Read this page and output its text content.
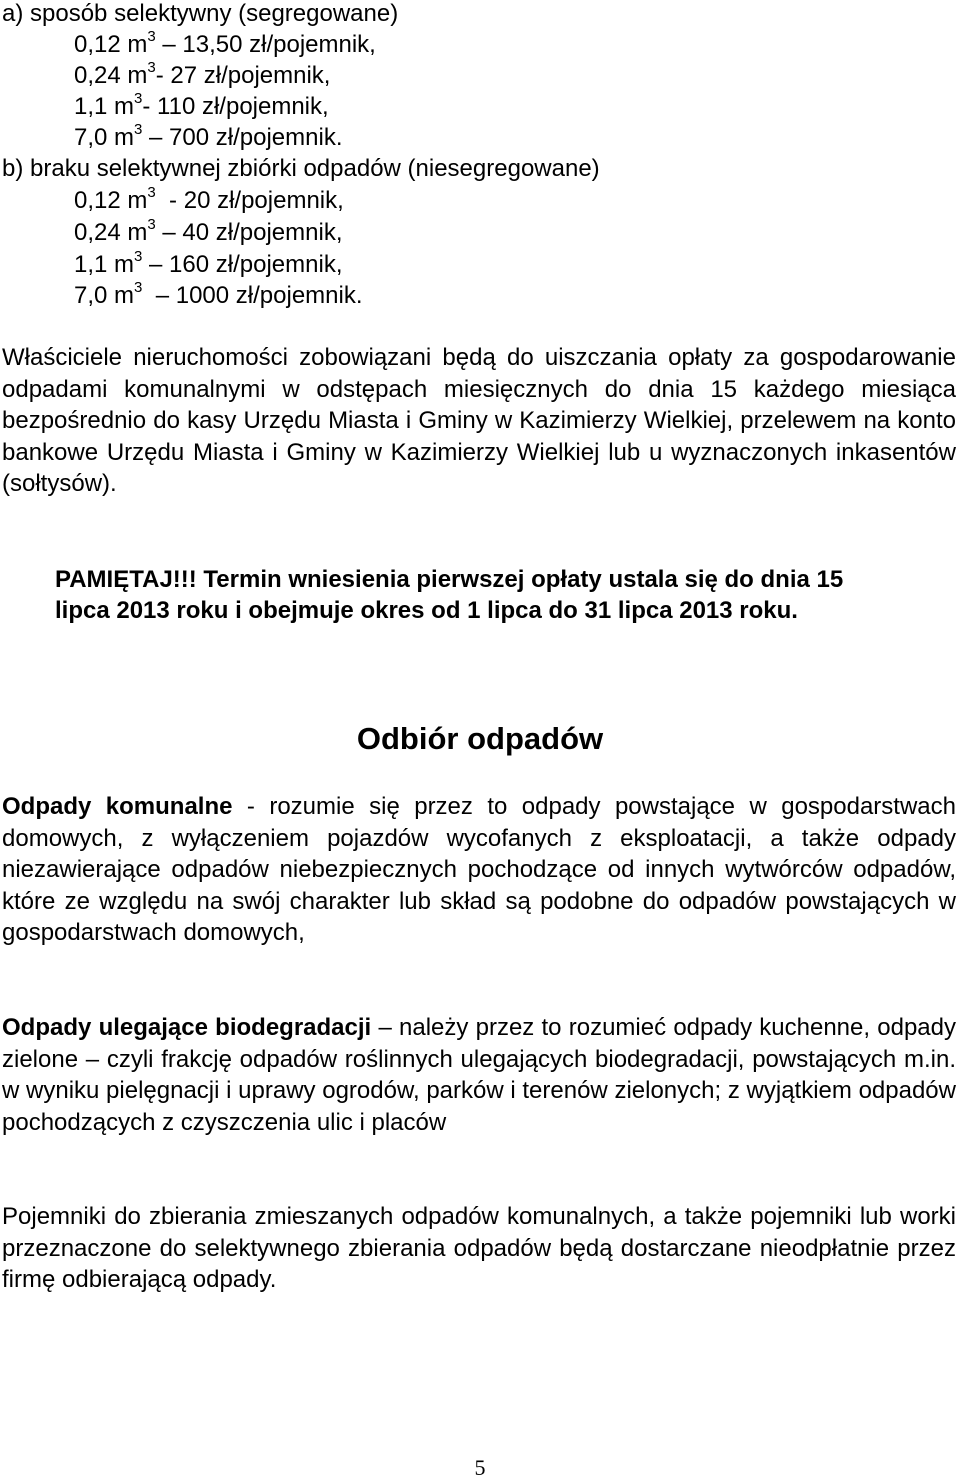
a) sposób selektywny (segregowane)
0,12 $m^3 - 13,50$ zł/pojemnik,
0,24 $m^3-$ 27 zł/pojemnik,
1,1 $m^3-$ 110 zł/pojemnik,
7,0 $m^3 - 700$ zł/pojemnik.
b) braku selektywnej zbiórki odpadów (niesegregowane)
0,12 $m^3 - 20$ zł/pojemnik,
0,24 $m^3 - 40$ zł/pojemnik,
1,1 $m^3 - 160$ zł/pojemnik,
7,0 $m^3 - 1000$ zł/pojemnik.
Właściciele nieruchomości zobowiązani będą do uiszczania opłaty za gospodarowanie odpadami komunalnymi w odstępach miesięcznych do dnia 15 każdego miesiąca bezpośrednio do kasy Urzędu Miasta i Gminy w Kazimierzy Wielkiej, przelewem na konto bankowe Urzędu Miasta i Gminy w Kazimierzy Wielkiej lub u wyznaczonych inkasentów (sołtysów).
PAMIĘTAJ!!! Termin wniesienia pierwszej opłaty ustala się do dnia 15
lipca 2013 roku i obejmuje okres od 1 lipca do 31 lipca 2013 roku.
Odbiór odpadów
Odpady komunalne - rozumie się przez to odpady powstające w gospodarstwach domowych, z wyłączeniem pojazdów wycofanych z eksploatacji, a także odpady niezawierające odpadów niebezpiecznych pochodzące od innych wytwórców odpadów, które ze względu na swój charakter lub skład są podobne do odpadów powstających w gospodarstwach domowych,
Odpady ulegające biodegradacji – należy przez to rozumieć odpady kuchenne, odpady zielone – czyli frakcję odpadów roślinnych ulegających biodegradacji, powstających m.in. w wyniku pielęgnacji i uprawy ogrodów, parków i terenów zielonych; z wyjątkiem odpadów pochodzących z czyszczenia ulic i placów
Pojemniki do zbierania zmieszanych odpadów komunalnych, a także pojemniki lub worki przeznaczone do selektywnego zbierania odpadów będą dostarczane nieodpłatnie przez firmę odbierającą odpady.
5
